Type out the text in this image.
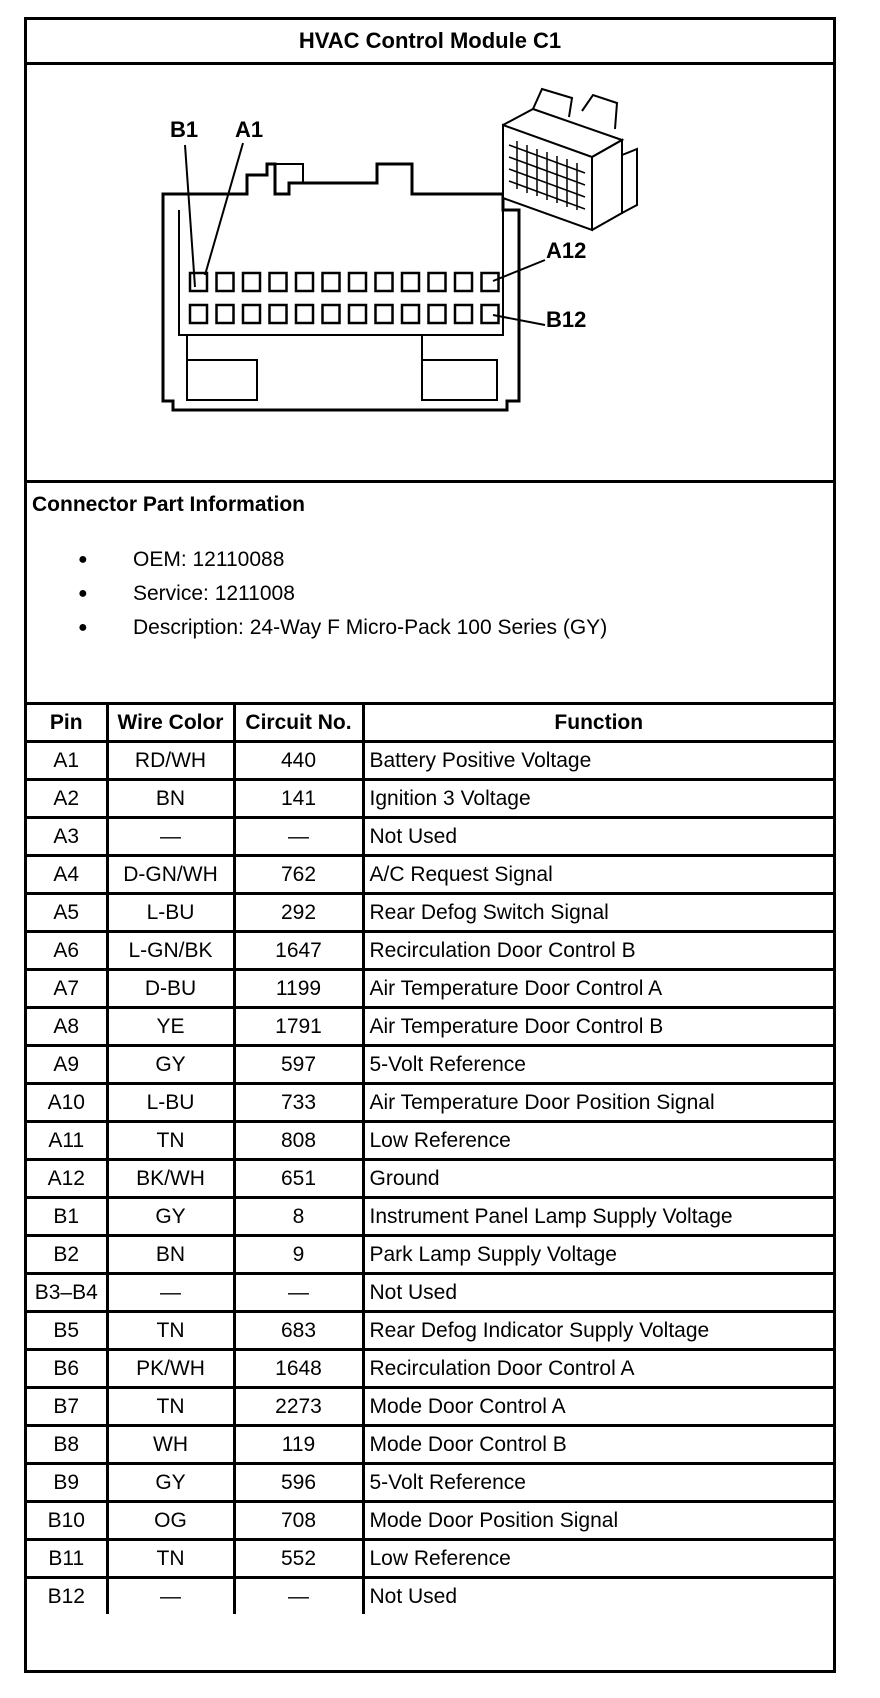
HVAC Control Module C1
B1 A1
A12
B12
Connector Part Information
● OEM: 12110088
● Service: 1211008
● Description: 24-Way F Micro-Pack 100 Series (GY)
Pin	Wire Color	Circuit No.	Function
A1	RD/WH	440	Battery Positive Voltage
A2	BN	141	Ignition 3 Voltage
A3	—	—	Not Used
A4	D-GN/WH	762	A/C Request Signal
A5	L-BU	292	Rear Defog Switch Signal
A6	L-GN/BK	1647	Recirculation Door Control B
A7	D-BU	1199	Air Temperature Door Control A
A8	YE	1791	Air Temperature Door Control B
A9	GY	597	5-Volt Reference
A10	L-BU	733	Air Temperature Door Position Signal
A11	TN	808	Low Reference
A12	BK/WH	651	Ground
B1	GY	8	Instrument Panel Lamp Supply Voltage
B2	BN	9	Park Lamp Supply Voltage
B3–B4	—	—	Not Used
B5	TN	683	Rear Defog Indicator Supply Voltage
B6	PK/WH	1648	Recirculation Door Control A
B7	TN	2273	Mode Door Control A
B8	WH	119	Mode Door Control B
B9	GY	596	5-Volt Reference
B10	OG	708	Mode Door Position Signal
B11	TN	552	Low Reference
B12	—	—	Not Used
